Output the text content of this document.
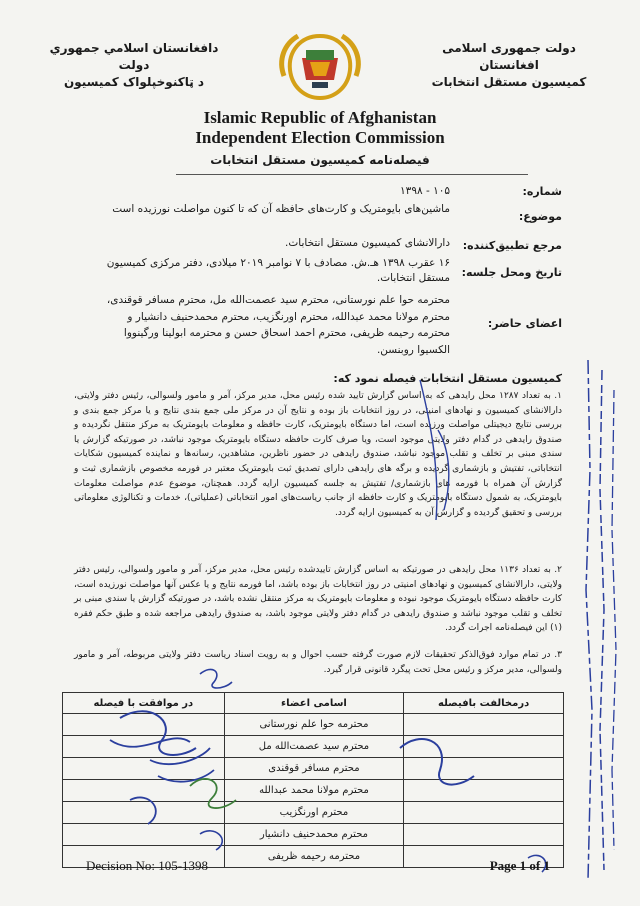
دولت جمهوری اسلامی افغانستان
کمیسیون مستقل انتخابات
دافغانستان اسلامي جمهوري دولت
د ټاکنوخپلواک کمیسیون
Islamic Republic of Afghanistan
Independent Election Commission
فیصله‌نامه کمیسیون مستقل انتخابات
شماره:
۱۰۵ - ۱۳۹۸
موضوع:
ماشین‌های بایومتریک و کارت‌های حافظه آن که تا کنون مواصلت نورزیده است
مرجع تطبیق‌کننده:
دارالانشای کمیسیون مستقل انتخابات.
تاریخ ومحل جلسه:
۱۶ عقرب ۱۳۹۸ هـ.ش. مصادف با ۷ نوامبر ۲۰۱۹ میلادی، دفتر مرکزی کمیسیون مستقل انتخابات.
اعضای حاضر:
محترمه حوا علم نورستانی، محترم سید عصمت‌الله مل، محترم مسافر قوقندی، محترم مولانا محمد عبدالله، محترم اورنگزیب، محترم محمدحنیف دانشیار و محترمه رحیمه ظریفی، محترم احمد اسحاق حسن و محترمه ابولینا ورگینووا الکسیوا روبنسن.
کمیسیون مستقل انتخابات فیصله نمود که:
۱. به تعداد ۱۲۸۷ محل رایدهی که به اساس گزارش تایید شده رئیس محل، مدیر مرکز، آمر و مامور ولسوالی، رئیس دفتر ولایتی، دارالانشای کمیسیون و نهادهای امنیتی، در روز انتخابات باز بوده و نتایج آن در مرکز ملی جمع بندی نتایج و یا مرکز جمع بندی و بررسی نتایج دیجیتلی مواصلت ورزیده است، اما دستگاه بایومتریک، کارت حافظه و معلومات بایومتریک به مرکز منتقل نگردیده و صندوق رایدهی در گدام دفتر ولایتی موجود است، ویا صرف کارت حافظه دستگاه بایومتریک موجود نباشد، در صورتیکه گزارش یا سندی مبنی بر تخلف و تقلب موجود نباشد، صندوق رایدهی در حضور ناظرین، مشاهدین، رسانه‌ها و نماینده کمیسیون شکایات انتخاباتی، تفتیش و بازشماری گردیده و برگه های رایدهی دارای تصدیق ثبت بایومتریک معتبر در فورمه مخصوص بازشماری ثبت و گزارش آن همراه با فورمه های بازشماری/ تفتیش به جلسه کمیسیون ارایه گردد. همچنان، موضوع عدم مواصلت معلومات بایومتریک، به شمول دستگاه بایومتریک و کارت حافظه از جانب ریاست‌های امور انتخاباتی (عملیاتی)، خدمات و تکنالوژی معلوماتی بررسی و تحقیق گردیده و گزارش آن به کمیسیون ارایه گردد.
۲. به تعداد ۱۱۳۶ محل رایدهی در صورتیکه به اساس گزارش تاییدشده رئیس محل، مدیر مرکز، آمر و مامور ولسوالی، رئیس دفتر ولایتی، دارالانشای کمیسیون و نهادهای امنیتی در روز انتخابات باز بوده باشد، اما فورمه نتایج و یا عکس آنها مواصلت نورزیده است، کارت حافظه دستگاه بایومتریک موجود نبوده و معلومات بایومتریک به مرکز منتقل نشده باشد، در صورتیکه گزارش یا سندی مبنی بر تخلف و تقلب موجود نباشد و صندوق رایدهی در گدام دفتر ولایتی موجود باشد، به صندوق رایدهی مراجعه شده و طبق حکم فقره (۱) این فیصله‌نامه اجرات گردد.
۳. در تمام موارد فوق‌الذکر تحقیقات لازم صورت گرفته حسب احوال و به رویت اسناد ریاست دفتر ولایتی مربوطه، آمر و مامور ولسوالی، مدیر مرکز و رئیس محل تحت پیگرد قانونی قرار گیرد.
درمخالفت بافیصله	اسامی اعضاء	در موافقت با فیصله
	محترمه حوا علم نورستانی	
	محترم سید عصمت‌الله مل	
	محترم مسافر قوقندی	
	محترم مولانا محمد عبدالله	
	محترم اورنگزیب	
	محترم محمدحنیف دانشیار	
	محترمه رحیمه ظریفی	
Decision No: 105-1398	Page 1 of 1
